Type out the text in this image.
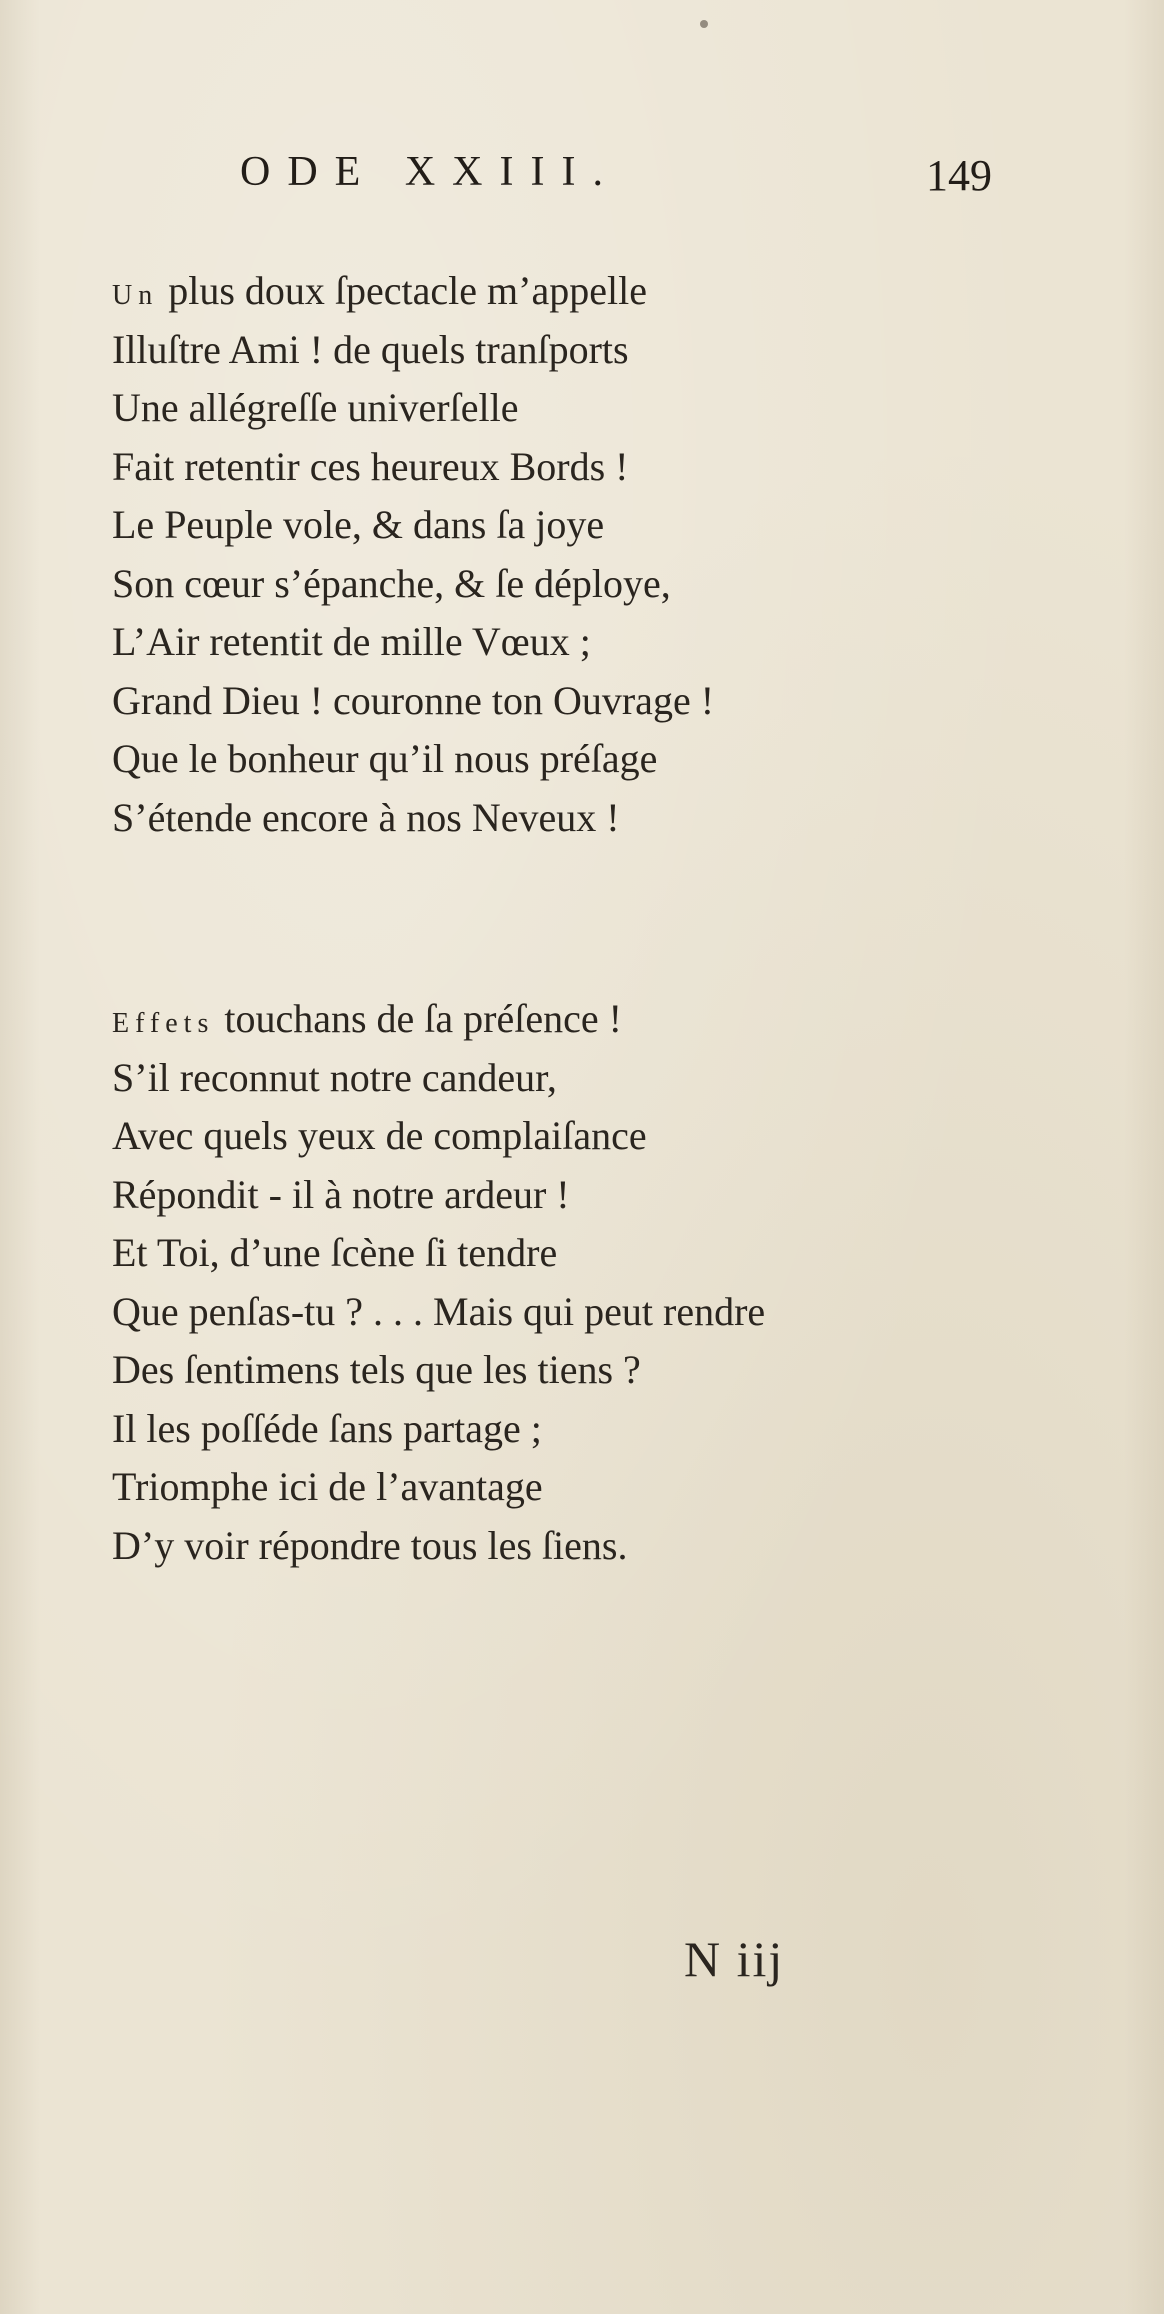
ODE XXIII.	149
Un plus doux ſpectacle m’appelle
Illuſtre Ami ! de quels tranſports
Une allégreſſe univerſelle
Fait retentir ces heureux Bords !
Le Peuple vole, & dans ſa joye
Son cœur s’épanche, & ſe déploye,
L’Air retentit de mille Vœux ;
Grand Dieu ! couronne ton Ouvrage !
Que le bonheur qu’il nous préſage
S’étende encore à nos Neveux !
Effets touchans de ſa préſence !
S’il reconnut notre candeur,
Avec quels yeux de complaiſance
Répondit - il à notre ardeur !
Et Toi, d’une ſcène ſi tendre
Que penſas-tu ? . . . Mais qui peut rendre
Des ſentimens tels que les tiens ?
Il les poſſéde ſans partage ;
Triomphe ici de l’avantage
D’y voir répondre tous les ſiens.
N iij
